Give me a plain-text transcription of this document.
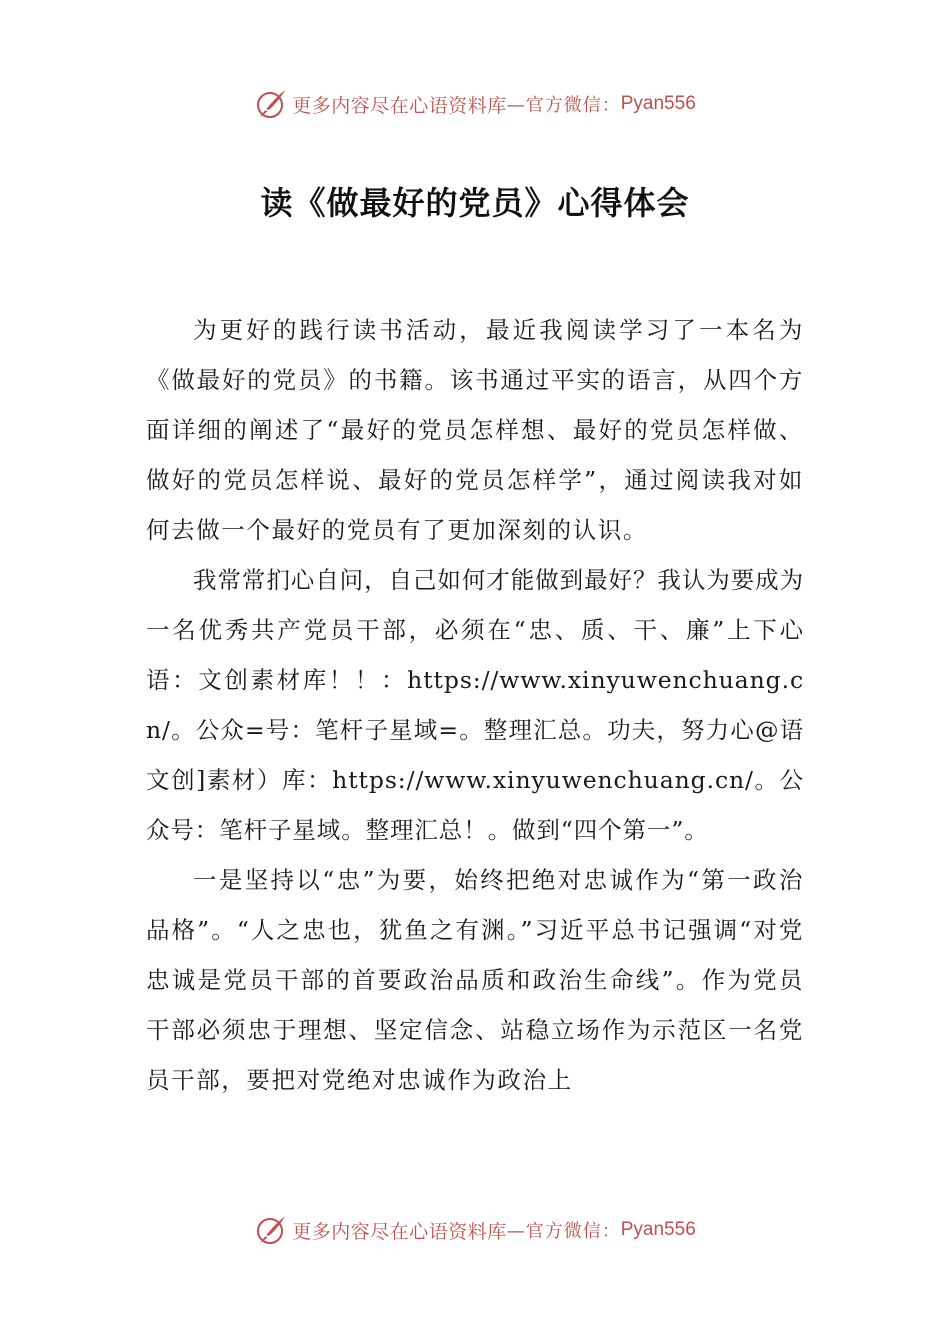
更多内容尽在心语资料库 —官方微信： Pyan556
读《做最好的党员》心得体会

为更好的践行读书活动，最近我阅读学习了一本名为《做最好的党员》的书籍。该书通过平实的语言，从四个方面详细的阐述了“最好的党员怎样想、最好的党员怎样做、做好的党员怎样说、最好的党员怎样学”，通过阅读我对如何去做一个最好的党员有了更加深刻的认识。

我常常扪心自问，自己如何才能做到最好？我认为要成为一名优秀共产党员干部，必须在“忠、质、干、廉”上下心语：文创素材库！！：https://www.xinyuwenchuang.cn/。公众=号：笔杆子星域=。整理汇总。功夫，努力心@语文创]素材）库：https://www.xinyuwenchuang.cn/。公众号：笔杆子星域。整理汇总！。做到“四个第一”。

一是坚持以“忠”为要，始终把绝对忠诚作为“第一政治品格”。“人之忠也，犹鱼之有渊。”习近平总书记强调“对党忠诚是党员干部的首要政治品质和政治生命线”。作为党员干部必须忠于理想、坚定信念、站稳立场作为示范区一名党员干部，要把对党绝对忠诚作为政治上

更多内容尽在心语资料库 —官方微信： Pyan556
